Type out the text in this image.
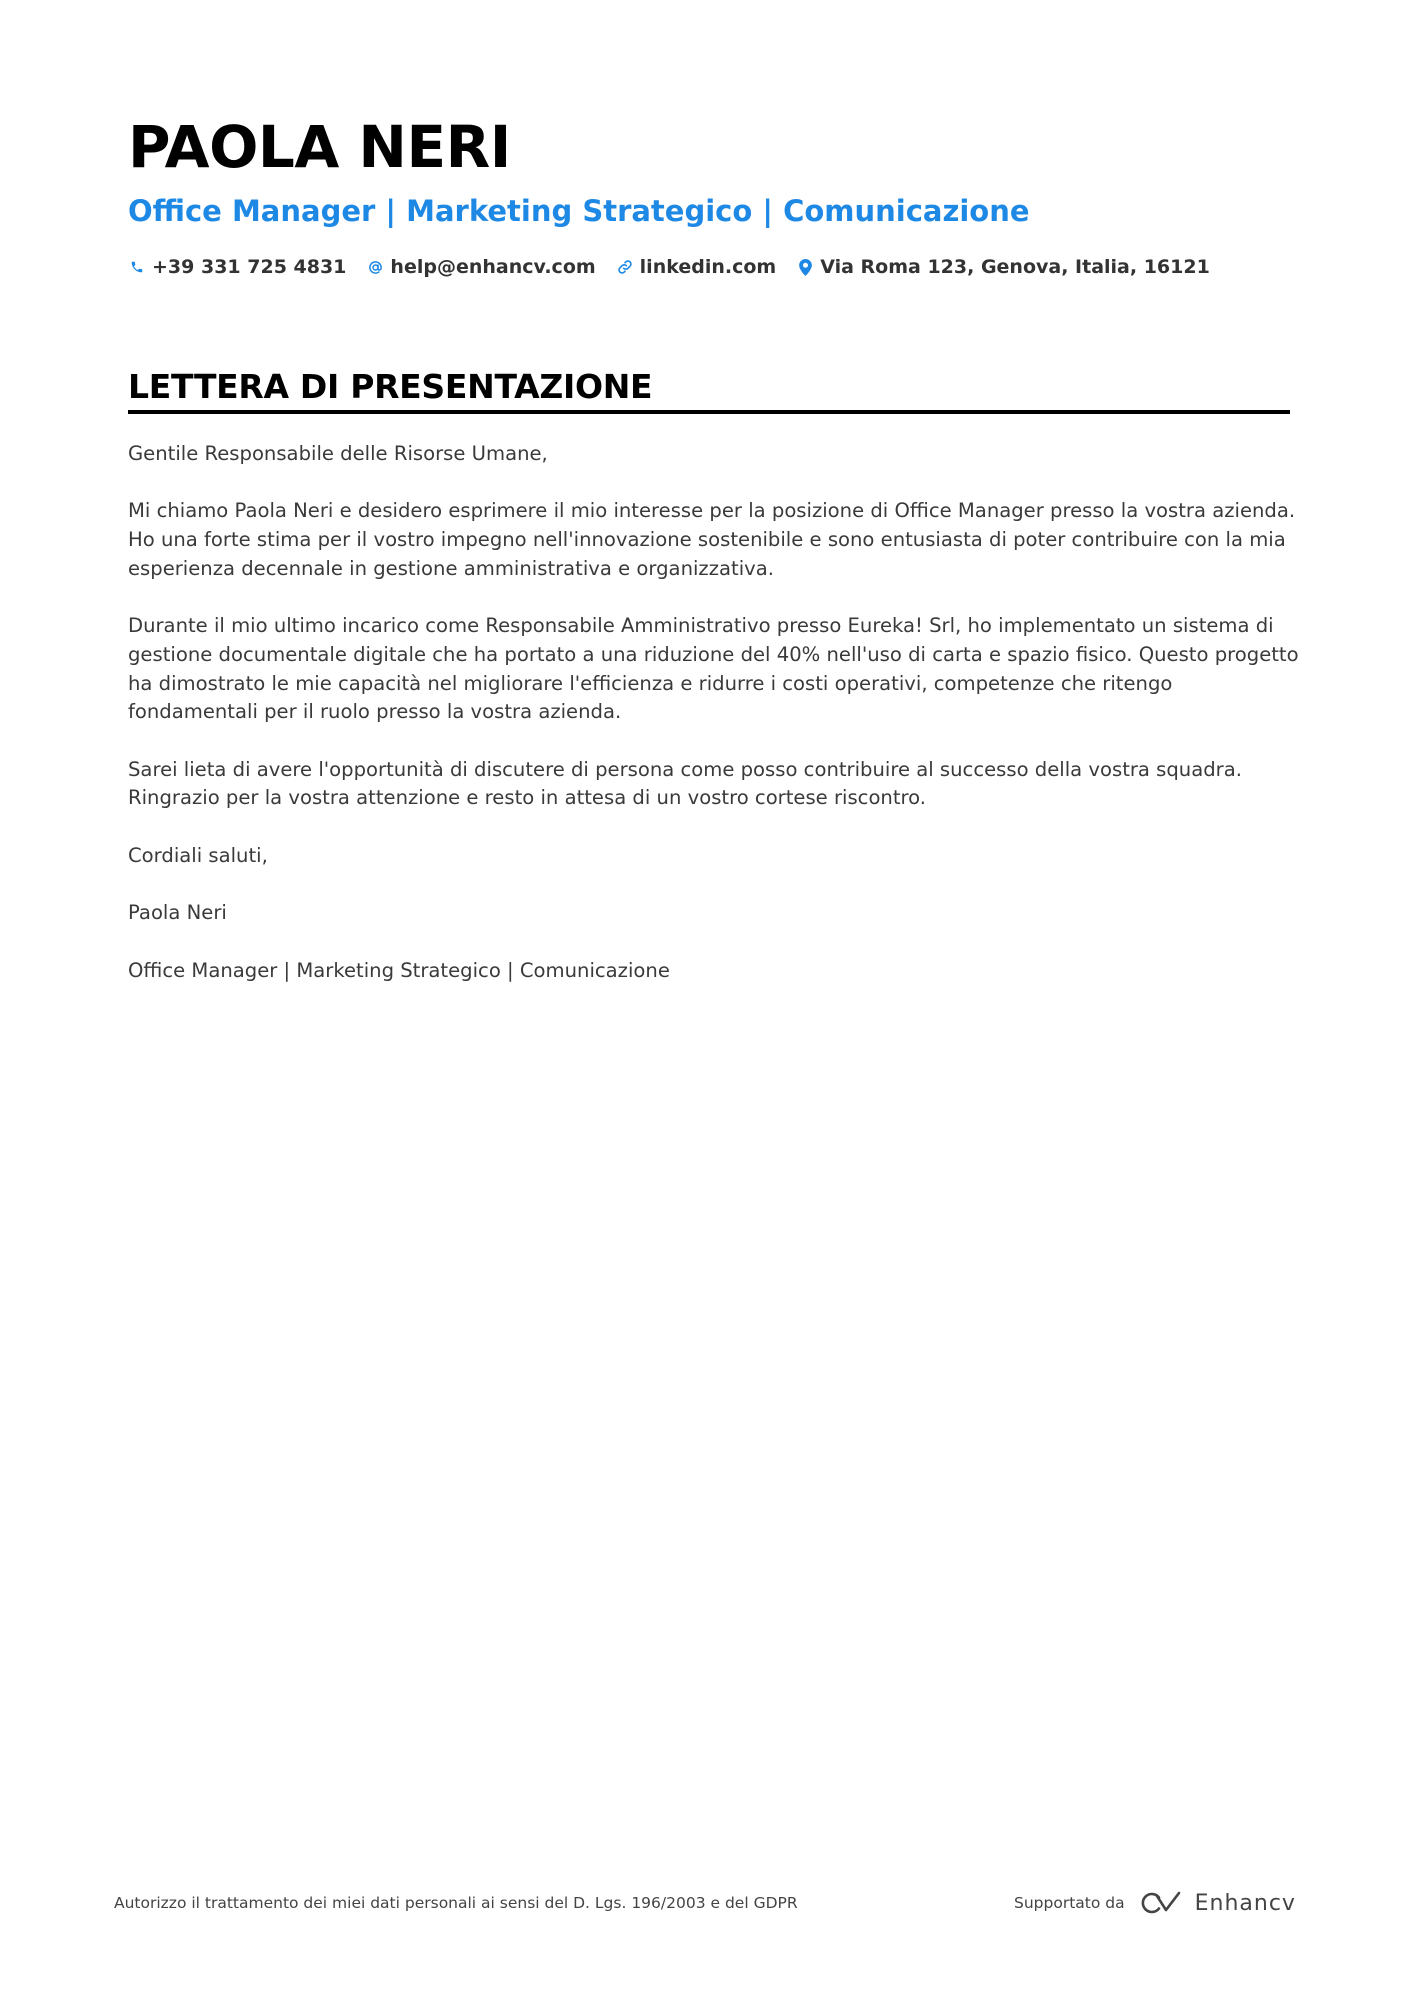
PAOLA NERI
Office Manager | Marketing Strategico | Comunicazione
+39 331 725 4831 help@enhancv.com linkedin.com Via Roma 123, Genova, Italia, 16121
LETTERA DI PRESENTAZIONE

Gentile Responsabile delle Risorse Umane,

Mi chiamo Paola Neri e desidero esprimere il mio interesse per la posizione di Office Manager presso la vostra azienda. Ho una forte stima per il vostro impegno nell'innovazione sostenibile e sono entusiasta di poter contribuire con la mia esperienza decennale in gestione amministrativa e organizzativa.

Durante il mio ultimo incarico come Responsabile Amministrativo presso Eureka! Srl, ho implementato un sistema di gestione documentale digitale che ha portato a una riduzione del 40% nell'uso di carta e spazio fisico. Questo progetto ha dimostrato le mie capacità nel migliorare l'efficienza e ridurre i costi operativi, competenze che ritengo fondamentali per il ruolo presso la vostra azienda.

Sarei lieta di avere l'opportunità di discutere di persona come posso contribuire al successo della vostra squadra. Ringrazio per la vostra attenzione e resto in attesa di un vostro cortese riscontro.

Cordiali saluti,

Paola Neri

Office Manager | Marketing Strategico | Comunicazione

Autorizzo il trattamento dei miei dati personali ai sensi del D. Lgs. 196/2003 e del GDPR	Supportato da	Enhancv
